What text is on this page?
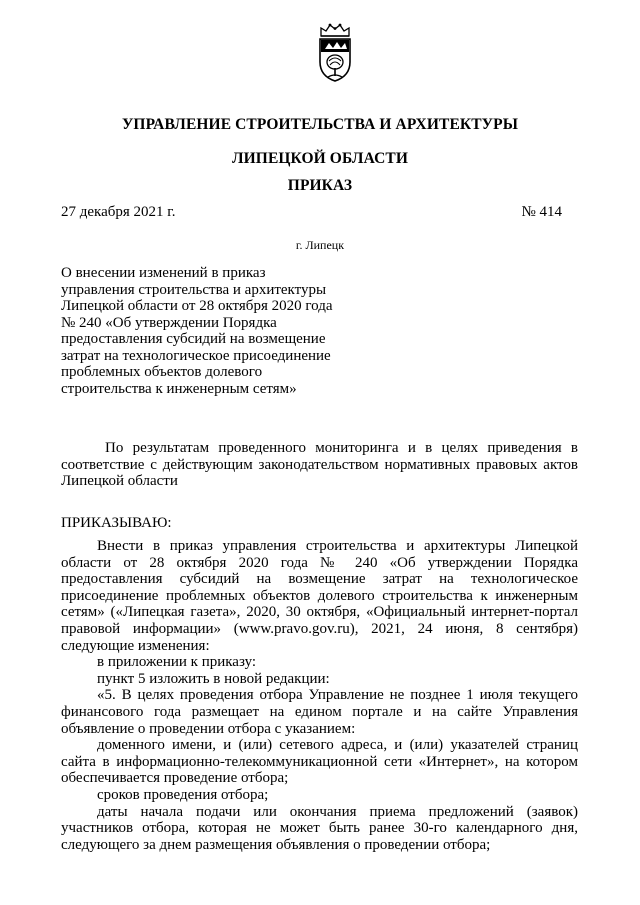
УПРАВЛЕНИЕ СТРОИТЕЛЬСТВА И АРХИТЕКТУРЫ
ЛИПЕЦКОЙ ОБЛАСТИ
ПРИКАЗ
27 декабря 2021 г.	№ 414
г. Липецк
О внесении изменений в приказ управления строительства и архитектуры Липецкой области от 28 октября 2020 года № 240 «Об утверждении Порядка предоставления субсидий на возмещение затрат на технологическое присоединение проблемных объектов долевого строительства к инженерным сетям»
По результатам проведенного мониторинга и в целях приведения в соответствие с действующим законодательством нормативных правовых актов Липецкой области
ПРИКАЗЫВАЮ:

Внести в приказ управления строительства и архитектуры Липецкой области от 28 октября 2020 года № 240 «Об утверждении Порядка предоставления субсидий на возмещение затрат на технологическое присоединение проблемных объектов долевого строительства к инженерным сетям» («Липецкая газета», 2020, 30 октября, «Официальный интернет-портал правовой информации» (www.pravo.gov.ru), 2021, 24 июня, 8 сентября) следующие изменения:

в приложении к приказу:

пункт 5 изложить в новой редакции:

«5. В целях проведения отбора Управление не позднее 1 июля текущего финансового года размещает на едином портале и на сайте Управления объявление о проведении отбора с указанием:

доменного имени, и (или) сетевого адреса, и (или) указателей страниц сайта в информационно-телекоммуникационной сети «Интернет», на котором обеспечивается проведение отбора;

сроков проведения отбора;

даты начала подачи или окончания приема предложений (заявок) участников отбора, которая не может быть ранее 30-го календарного дня, следующего за днем размещения объявления о проведении отбора;
